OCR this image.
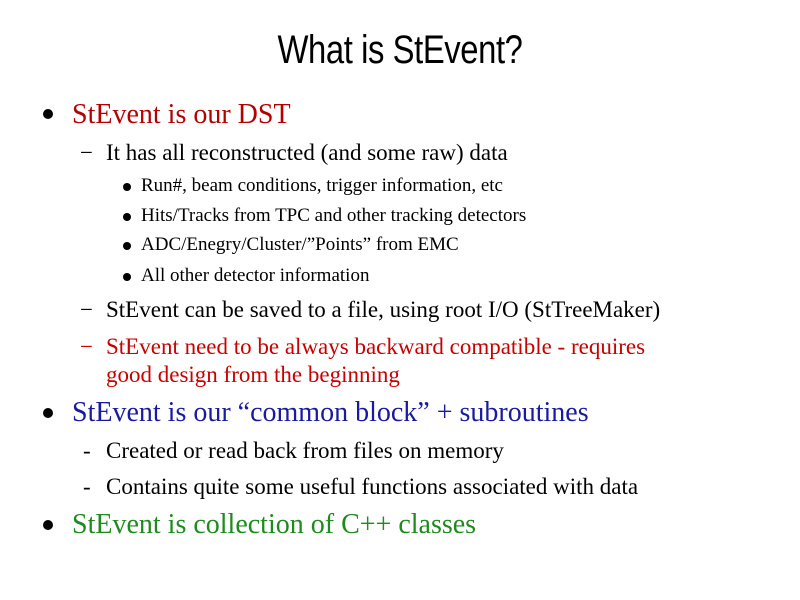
What is StEvent?
StEvent is our DST
− It has all reconstructed (and some raw) data
Run#, beam conditions, trigger information, etc
Hits/Tracks from TPC and other tracking detectors
ADC/Enegry/Cluster/”Points” from EMC
All other detector information
− StEvent can be saved to a file, using root I/O (StTreeMaker)
− StEvent need to be always backward compatible - requires
good design from the beginning
StEvent is our “common block” + subroutines
- Created or read back from files on memory
- Contains quite some useful functions associated with data
StEvent is collection of C++ classes
